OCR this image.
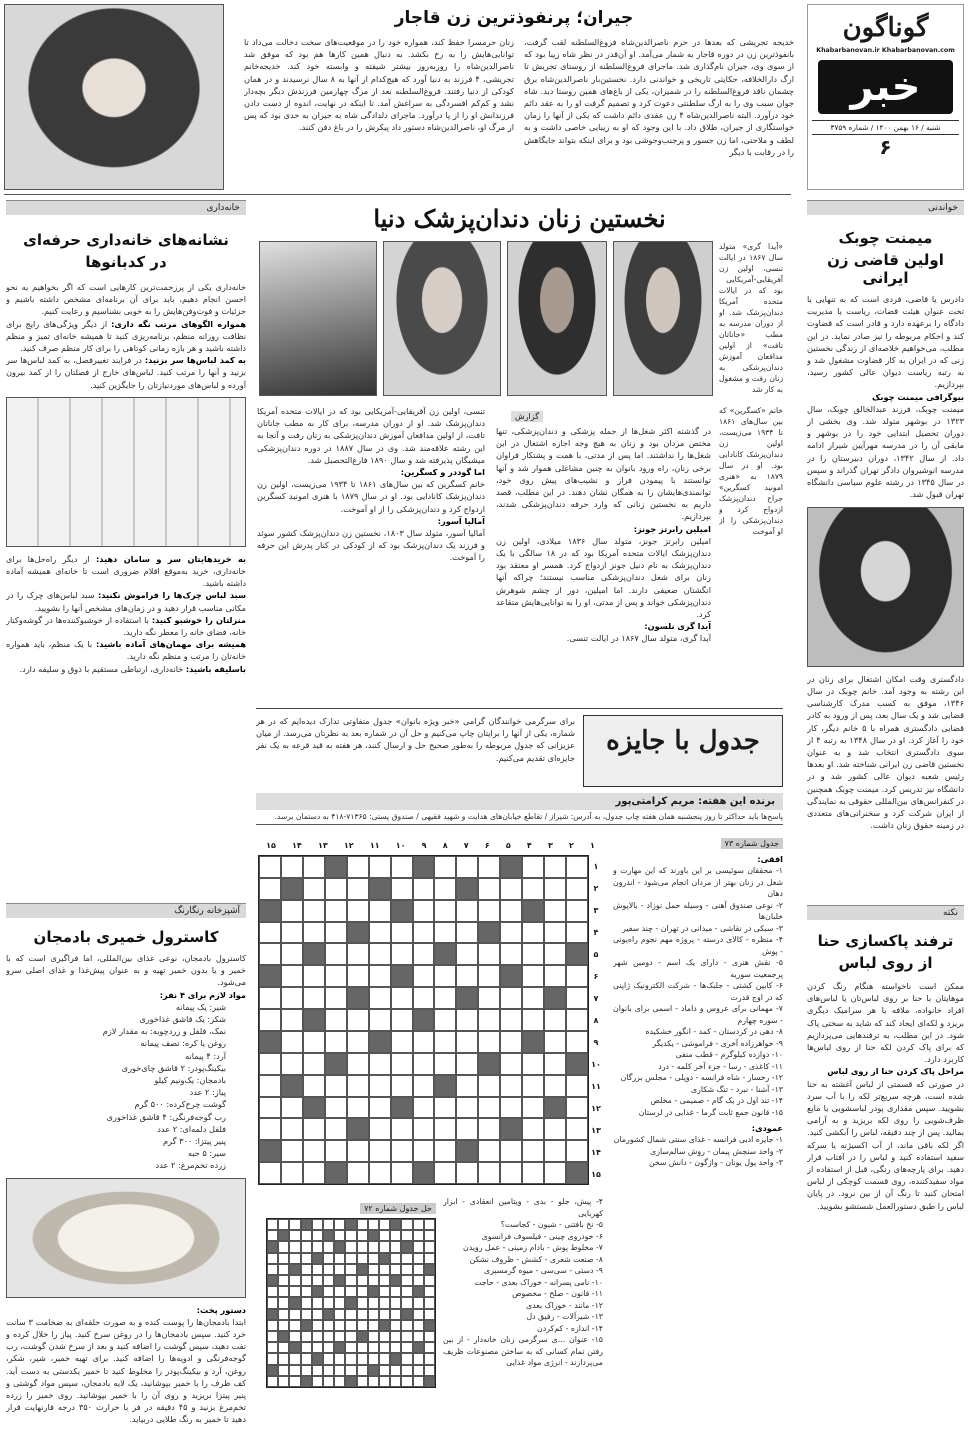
گوناگون
Khabarbanovan.ir Khabarbanovan.com
خبر
شنبه / ۱۶ بهمن ۱۴۰۰ / شماره ۳۷۵۹
۶
خواندنی
میمنت چوبک
اولین قاضی زن ایرانی
دادرس یا قاضی، فردی است که به تنهایی یا تحت عنوان هیئت قضات، ریاست یا مدیریت دادگاه را برعهده دارد و قادر است که قضاوت کند و احکام مربوطه را نیز صادر نماید. در این مطلب، می‌خواهیم خلاصه‌ای از زندگی نخستین زنی که در ایران به کار قضاوت مشغول شد و به رتبه ریاست دیوان عالی کشور رسید، بپردازیم.
بیوگرافی میمنت چوبک
میمنت چوبک، فرزند عبدالخالق چوبک، سال ۱۳۲۳ در بوشهر متولد شد. وی بخشی از دوران تحصیل ابتدایی خود را در بوشهر و مابقی آن را در مدرسه مهرآیین شیراز ادامه داد. از سال ۱۳۴۲، دوران دبیرستان را در مدرسه انوشیروان دادگر تهران گذراند و سپس در سال ۱۳۴۵ در رشته علوم سیاسی دانشگاه تهران قبول شد.
دادگستری وقت امکان اشتغال برای زنان در این رشته به وجود آمد. خانم چوبک در سال ۱۳۴۶، موفق به کسب مدرک کارشناسی قضایی شد و یک سال بعد، پس از ورود به کادر قضایی دادگستری همراه با ۵ خانم دیگر، کار خود را آغاز کرد. او در سال ۱۳۴۸ به رتبه ۴ از سوی دادگستری انتخاب شد و به عنوان نخستین قاضی زن ایرانی شناخته شد. او بعدها رئیس شعبه دیوان عالی کشور شد و در دانشگاه نیز تدریس کرد. میمنت چوبک همچنین در کنفرانس‌های بین‌المللی حقوقی به نمایندگی از ایران شرکت کرد و سخنرانی‌های متعددی در زمینه حقوق زنان داشت.
نکته
ترفند پاکسازی حنا
از روی لباس
ممکن است ناخواسته هنگام رنگ کردن موهایتان با حنا بر روی لباس‌تان یا لباس‌های افراد خانواده، ملافه یا هر سرامیک دیگری بریزد و لکه‌ای ایجاد کند که شاید به سختی پاک شود. در این مطلب، به ترفندهایی می‌پردازیم که برای پاک کردن لکه حنا از روی لباس‌ها کاربرد دارد.
مراحل پاک کردن حنا از روی لباس
در صورتی که قسمتی از لباس آغشته به حنا شده است، هرچه سریع‌تر لکه را با آب سرد بشویید. سپس مقداری پودر لباسشویی یا مایع ظرف‌شویی را روی لکه بریزید و به آرامی بمالید. پس از چند دقیقه، لباس را آبکشی کنید. اگر لکه باقی ماند، از آب اکسیژنه یا سرکه سفید استفاده کنید و لباس را در آفتاب قرار دهید. برای پارچه‌های رنگی، قبل از استفاده از مواد سفیدکننده، روی قسمت کوچکی از لباس امتحان کنید تا رنگ آن از بین نرود. در پایان لباس را طبق دستورالعمل شستشو بشویید.
جیران؛ پرنفوذترین زن قاجار
خدیجه تجریشی که بعدها در حرم ناصرالدین‌شاه فروغ‌السلطنه لقب گرفت، بانفوذترین زن در دوره قاجار به شمار می‌آمد. او آن‌قدر در نظر شاه زیبا بود که از سوی وی، جیران نام‌گذاری شد. ماجرای فروغ‌السلطنه از روستای تجریش تا ارگ دارالخلافه، حکایتی تاریخی و خواندنی دارد. نخستین‌بار ناصرالدین‌شاه برق چشمان ناقد فروغ‌السلطنه را در شمیران، یکی از باغ‌های همین روستا دید. شاه جوان سبب وی را به ارگ سلطنتی دعوت کرد و تصمیم گرفت او را به عقد دائم خود درآورد. البته ناصرالدین‌شاه ۴ زن عقدی دائم داشت که یکی از آنها را زمان خواستگاری از جیران، طلاق داد. با این وجود که او به زیبایی خاصی داشت و به لطف و ملاحتی، اما زن جسور و پرجنب‌وجوشی بود و برای اینکه بتواند جایگاهش را در رقابت با دیگر
زنان حرمسرا حفظ کند، همواره خود را در موقعیت‌های سخت دخالت می‌داد تا توانایی‌هایش را به رخ بکشد. به دنبال همین کارها هم بود که موفق شد ناصرالدین‌شاه را روزبه‌روز بیشتر شیفته و وابسته خود کند. خدیجه‌خانم تجریشی، ۴ فرزند به دنیا آورد که هیچ‌کدام از آنها به ۸ سال نرسیدند و در همان کودکی از دنیا رفتند. فروغ‌السلطنه بعد از مرگ چهارمین فرزندش دیگر بچه‌دار نشد و کم‌کم افسردگی به سراغش آمد. تا اینکه در نهایت، اندوه از دست دادن فرزندانش او را از پا درآورد. ماجرای دلدادگی شاه به جیران به حدی بود که پس از مرگ او، ناصرالدین‌شاه دستور داد پیکرش را در باغ دفن کنند.
نخستین زنان دندان‌پزشک دنیا
«آیدا گری» متولد سال ۱۸۶۷ در ایالت تنسی، اولین زن آفریقایی-آمریکایی بود که در ایالات متحده آمریکا دندان‌پزشک شد. او از دوران مدرسه به مطب «جاناتان تافت» از اولین مدافعان آموزش دندان‌پزشکی به زنان رفت و مشغول به کار شد
خانم «کسگرین» که بین سال‌های ۱۸۶۱ تا ۱۹۳۴ می‌زیست، اولین زن دندان‌پزشک کانادایی بود. او در سال ۱۸۷۹ به «هنری امونید کسگرین» جراح دندان‌پزشک ازدواج کرد و دندان‌پزشکی را از او آموخت
گزارش
در گذشته اکثر شغل‌ها از جمله پزشکی و دندان‌پزشکی، تنها مختص مردان بود و زنان به هیچ وجه اجازه اشتغال در این شغل‌ها را نداشتند. اما پس از مدتی، با همت و پشتکار فراوان برخی زنان، راه ورود بانوان به چنین مشاغلی هموار شد و آنها توانستند با پیمودن فراز و نشیب‌های پیش روی خود، توانمندی‌هایشان را به همگان نشان دهند. در این مطلب، قصد داریم به نخستین زنانی که وارد حرفه دندان‌پزشکی شدند، بپردازیم.
امیلین رابرتز جونز:
امیلین رابرتز جونز، متولد سال ۱۸۳۶ میلادی، اولین زن دندان‌پزشک ایالات متحده آمریکا بود که در ۱۸ سالگی با یک دندان‌پزشک به نام دنیل جونز ازدواج کرد. همسر او معتقد بود زنان برای شغل دندان‌پزشکی مناسب نیستند؛ چراکه آنها انگشتان ضعیفی دارند. اما امیلین، دور از چشم شوهرش دندان‌پزشکی خواند و پس از مدتی، او را به توانایی‌هایش متقاعد کرد.
آیدا گری نلسون:
آیدا گری، متولد سال ۱۸۶۷ در ایالت تنسی.
تنسی، اولین زن آفریقایی-آمریکایی بود که در ایالات متحده آمریکا دندان‌پزشک شد. او از دوران مدرسه، برای کار به مطب جاناتان تافت، از اولین مدافعان آموزش دندان‌پزشکی به زنان رفت و آنجا به این رشته علاقه‌مند شد. وی در سال ۱۸۸۷ در دوره دندان‌پزشکی میشیگان پذیرفته شد و سال ۱۸۹۰ فارغ‌التحصیل شد.
اما گوددر و کسگرین:
خانم کسگرین که بین سال‌های ۱۸۶۱ تا ۱۹۳۴ می‌زیست، اولین زن دندان‌پزشک کانادایی بود. او در سال ۱۸۷۹ با هنری امونید کسگرین ازدواج کرد و دندان‌پزشکی را از او آموخت.
آمالیا آسور:
آمالیا آسور، متولد سال ۱۸۰۳، نخستین زن دندان‌پزشک کشور سوئد و فرزند یک دندان‌پزشک بود که از کودکی در کنار پدرش این حرفه را آموخت.
خانه‌داری
نشانه‌های خانه‌داری حرفه‌ای در کدبانوها
خانه‌داری یکی از پرزحمت‌ترین کارهایی است که اگر بخواهیم به نحو احسن انجام دهیم، باید برای آن برنامه‌ای مشخص داشته باشیم و جزئیات و فوت‌وفن‌هایش را به خوبی بشناسیم و رعایت کنیم.
همواره الگوهای مرتب نگه داری: از دیگر ویژگی‌های رایج برای نظافت روزانه منظم، برنامه‌ریزی کنید تا همیشه خانه‌ای تمیز و منظم داشته باشید و هر بازه زمانی کوتاهی را برای کار منظم صرف کنید.
به کمد لباس‌ها سر بزنید: در فرایند تغییرفصل، به کمد لباس‌ها سر بزنید و آنها را مرتب کنید. لباس‌های خارج از فصلتان را از کمد بیرون آورده و لباس‌های موردنیازتان را جایگزین کنید.
به خریدهایتان سر و سامان دهید: از دیگر راه‌حل‌ها برای خانه‌داری، خرید به‌موقع اقلام ضروری است تا خانه‌ای همیشه آماده داشته باشید.
سبد لباس چرک‌ها را فراموش نکنید: سبد لباس‌های چرک را در مکانی مناسب قرار دهید و در زمان‌های مشخص آنها را بشویید.
منزلتان را خوشبو کنید: با استفاده از خوشبوکننده‌ها در گوشه‌وکنار خانه، فضای خانه را معطر نگه دارید.
همیشه برای مهمان‌های آماده باشید: با یک منظم، باید همواره خانه‌تان را مرتب و منظم نگه دارید.
باسلیقه باشید: خانه‌داری، ارتباطی مستقیم با ذوق و سلیقه دارد.
آشپزخانه رنگارنگ
کاسترول خمیری بادمجان
کاسترول بادمجان، نوعی غذای بین‌المللی، اما فراگیری است که با خمیر و یا بدون خمیر تهیه و به عنوان پیش‌غذا و غذای اصلی سرو می‌شود.
مواد لازم برای ۴ نفر:
شیر: یک پیمانه
شکر: یک قاشق غذاخوری
نمک، فلفل و زردچوبه: به مقدار لازم
روغن یا کره: نصف پیمانه
آرد: ۴ پیمانه
بیکینگ‌پودر: ۲ قاشق چای‌خوری
بادمجان: یک‌ونیم کیلو
پیاز: ۲ عدد
گوشت چرخ‌کرده: ۵۰۰ گرم
رب گوجه‌فرنگی: ۴ قاشق غذاخوری
فلفل دلمه‌ای: ۲ عدد
پنیر پیتزا: ۳۰۰ گرم
سیر: ۵ حبه
زرده تخم‌مرغ: ۲ عدد
دستور پخت:
ابتدا بادمجان‌ها را پوست کنده و به صورت حلقه‌ای به ضخامت ۳ سانت خرد کنید. سپس بادمجان‌ها را در روغن سرخ کنید. پیاز را خلال کرده و تفت دهید، سپس گوشت را اضافه کنید و بعد از سرخ شدن گوشت، رب گوجه‌فرنگی و ادویه‌ها را اضافه کنید. برای تهیه خمیر، شیر، شکر، روغن، آرد و بیکینگ‌پودر را مخلوط کنید تا خمیر یکدستی به دست آید. کف ظرف را با خمیر بپوشانید، یک لایه بادمجان، سپس مواد گوشتی و پنیر پیتزا بریزید و روی آن را با خمیر بپوشانید. روی خمیر را زرده تخم‌مرغ بزنید و ۴۵ دقیقه در فر با حرارت ۳۵۰ درجه فارنهایت قرار دهید تا خمیر به رنگ طلایی دربیاید.
جدول با جایزه
برای سرگرمی خوانندگان گرامی «خبر ویژه بانوان» جدول متفاوتی تدارک دیده‌ایم که در هر شماره، یکی از آنها را برایتان چاپ می‌کنیم و حل آن در شماره بعد به نظرتان می‌رسد. از میان عزیزانی که جدول مربوطه را به‌طور صحیح حل و ارسال کنند، هر هفته به قید قرعه به یک نفر جایزه‌ای تقدیم می‌کنیم.
برنده این هفته: مریم کرامتی‌پور
پاسخ‌ها باید حداکثر تا روز پنجشنبه همان هفته چاپ جدول، به آدرس: شیراز / تقاطع خیابان‌های هدایت و شهید فقیهی / صندوق پستی: ۷۱۳۶۵-۴۱۸ به دستمان برسد.
جدول شماره ۷۳
افقی:
۱- محققان سوئیسی بر این باورند که این مهارت و شغل در زنان بهتر از مردان انجام می‌شود - اندرون دهان
۲- نوعی صندوق آهنی - وسیله حمل نوزاد - بالاپوش خلبان‌ها
۳- سبکی در نقاشی - میدانی در تهران - چند سفیر
۴- منظره - کالای درسته - پروژه مهم نجوم راه‌یونی - پوش
۵- نقش هنری - دارای یک اسم - دومین شهر پرجمعیت سوریه
۶- کابین کشتی - جلبک‌ها - شرکت الکترونیک ژاپنی که در اوج قدرت
۷- مهمانی برای عروس و داماد - اسمی برای بانوان - سوره چهارم
۸- دهی در کردستان - کمد - انگور خشکیده
۹- خواهرزاده آخری - فراموشی - یکدیگر
۱۰- دوازده کیلوگرم - قطب منفی
۱۱- کاغذی - رسا - جزء آخر کلمه - درد
۱۲- رخسار - شاه فرانسه - دوپلی - مجلس بزرگان
۱۳- آشنا - نبرد - تنگ شکاری
۱۴- تند اول در یک گام - صمیمی - مخلص
۱۵- قانون جمع ثابت گرما - غذایی در لرستان
عمودی:
۱- جایزه ادبی فرانسه - غذای سنتی شمال کشورمان
۲- واحد سنجش پیمان - روش سالم‌سازی
۳- واحد پول یونان - واژگون - دانش سخن
۱
۲
۳
۴
۵
۶
۷
۸
۹
۱۰
۱۱
۱۲
۱۳
۱۴
۱۵
۱
۲
۳
۴
۵
۶
۷
۸
۹
۱۰
۱۱
۱۲
۱۳
۱۴
۱۵
۴- پیش، جلو - بدی - ویتامین انعقادی - ابزار کهربایی
۵- نخ بافتنی - شیون - کجاست؟
۶- خودروی چینی - فیلسوف فرانسوی
۷- مخلوط پوش - بادام زمینی - عمل رویدن
۸- صنعت شعری - کشش - ظروف نشکن
۹- دستی - سی‌سی - میوه گرمسیری
۱۰- نامی پسرانه - خوراک بعدی - حاجت
۱۱- قانون - صلح - مخصوص
۱۲- مانند - خوراک بعدی
۱۳- شیرآلات - رفیق دل
۱۴- اندازه - کم‌کردن
۱۵- عنوان ...ی سرگرمی زنان خانه‌دار - از بین رفتن تمام کسانی که به ساختن مصنوعات ظریف می‌پردازند - انرژی مواد غذایی
حل جدول شماره ۷۲
